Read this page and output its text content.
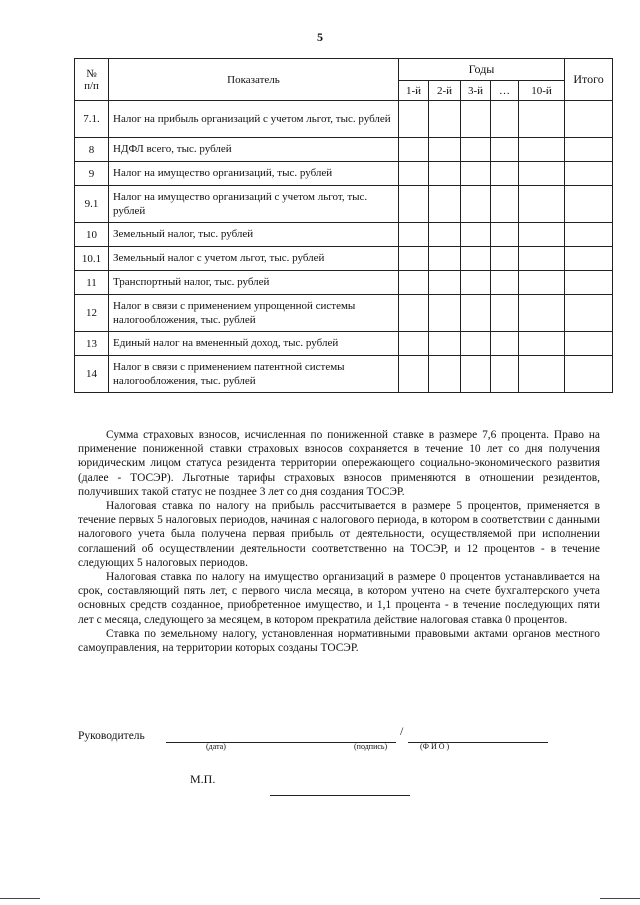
5
№
п/п	Показатель	Годы					Итого
		1-й	2-й	3-й	…	10-й	
7.1.	Налог на прибыль организаций с учетом льгот, тыс. рублей						
8	НДФЛ всего, тыс. рублей						
9	Налог на имущество организаций, тыс. рублей						
9.1	Налог на имущество организаций с учетом льгот, тыс. рублей						
10	Земельный налог, тыс. рублей						
10.1	Земельный налог с учетом льгот, тыс. рублей						
11	Транспортный налог, тыс. рублей						
12	Налог в связи с применением упрощенной системы налогообложения, тыс. рублей						
13	Единый налог на вмененный доход, тыс. рублей						
14	Налог в связи с применением патентной системы налогообложения, тыс. рублей						

Сумма страховых взносов, исчисленная по пониженной ставке в размере 7,6 процента. Право на применение пониженной ставки страховых взносов сохраняется в течение 10 лет со дня получения юридическим лицом статуса резидента территории опережающего социально-экономического развития (далее - ТОСЭР). Льготные тарифы страховых взносов применяются в отношении резидентов, получивших такой статус не позднее 3 лет со дня создания ТОСЭР.

Налоговая ставка по налогу на прибыль рассчитывается в размере 5 процентов, применяется в течение первых 5 налоговых периодов, начиная с налогового периода, в котором в соответствии с данными налогового учета была получена первая прибыль от деятельности, осуществляемой при исполнении соглашений об осуществлении деятельности соответственно на ТОСЭР, и 12 процентов - в течение следующих 5 налоговых периодов.

Налоговая ставка по налогу на имущество организаций в размере 0 процентов устанавливается на срок, составляющий пять лет, с первого числа месяца, в котором учтено на счете бухгалтерского учета основных средств созданное, приобретенное имущество, и 1,1 процента - в течение последующих пяти лет с месяца, следующего за месяцем, в котором прекратила действие налоговая ставка 0 процентов.

Ставка по земельному налогу, установленная нормативными правовыми актами органов местного самоуправления, на территории которых созданы ТОСЭР.

Руководитель
(дата)	(подпись)
/
(Ф И О )
М.П.
